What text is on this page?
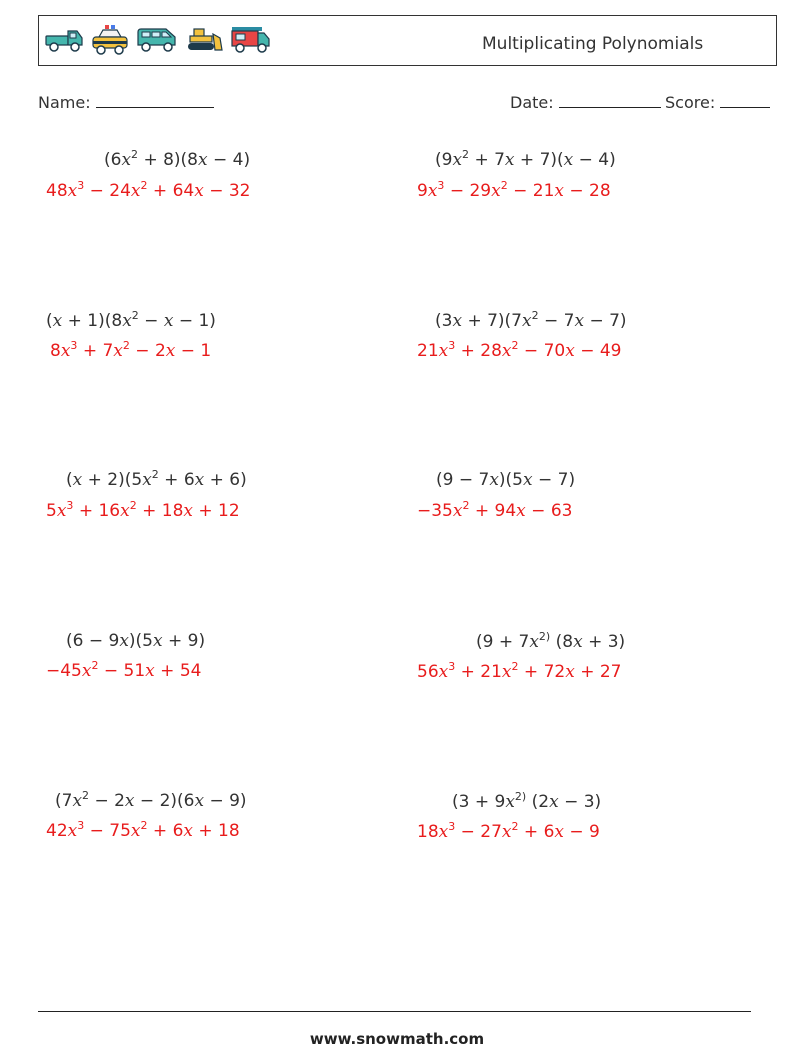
Multiplicating Polynomials
Name:	Date:	Score:
$(6x^2 + 8)(8x - 4)$
$48x^3 - 24x^2 + 64x - 32$
$(x + 1)(8x^2 - x - 1)$
$8x^3 + 7x^2 - 2x - 1$
$(x + 2)(5x^2 + 6x + 6)$
$5x^3 + 16x^2 + 18x + 12$
(6 − 9x)(5x + 9)
$-45x^2 - 51x + 54$
$(7x^2 - 2x - 2)(6x - 9)$
$42x^3 - 75x^2 + 6x + 18$
$(9x^2 + 7x + 7)(x - 4)$
$9x^3 - 29x^2 - 21x - 28$
$(3x + 7)(7x^2 - 7x - 7)$
$21x^3 + 28x^2 - 70x - 49$
(9 − 7x)(5x − 7)
$-35x^2 + 94x - 63$
($9 + 7x^{2)}$ (8x + 3)
$56x^3 + 21x^2 + 72x + 27$
($3 + 9x^{2)}$ (2x − 3)
$18x^3 - 27x^2 + 6x - 9$
www.snowmath.com
